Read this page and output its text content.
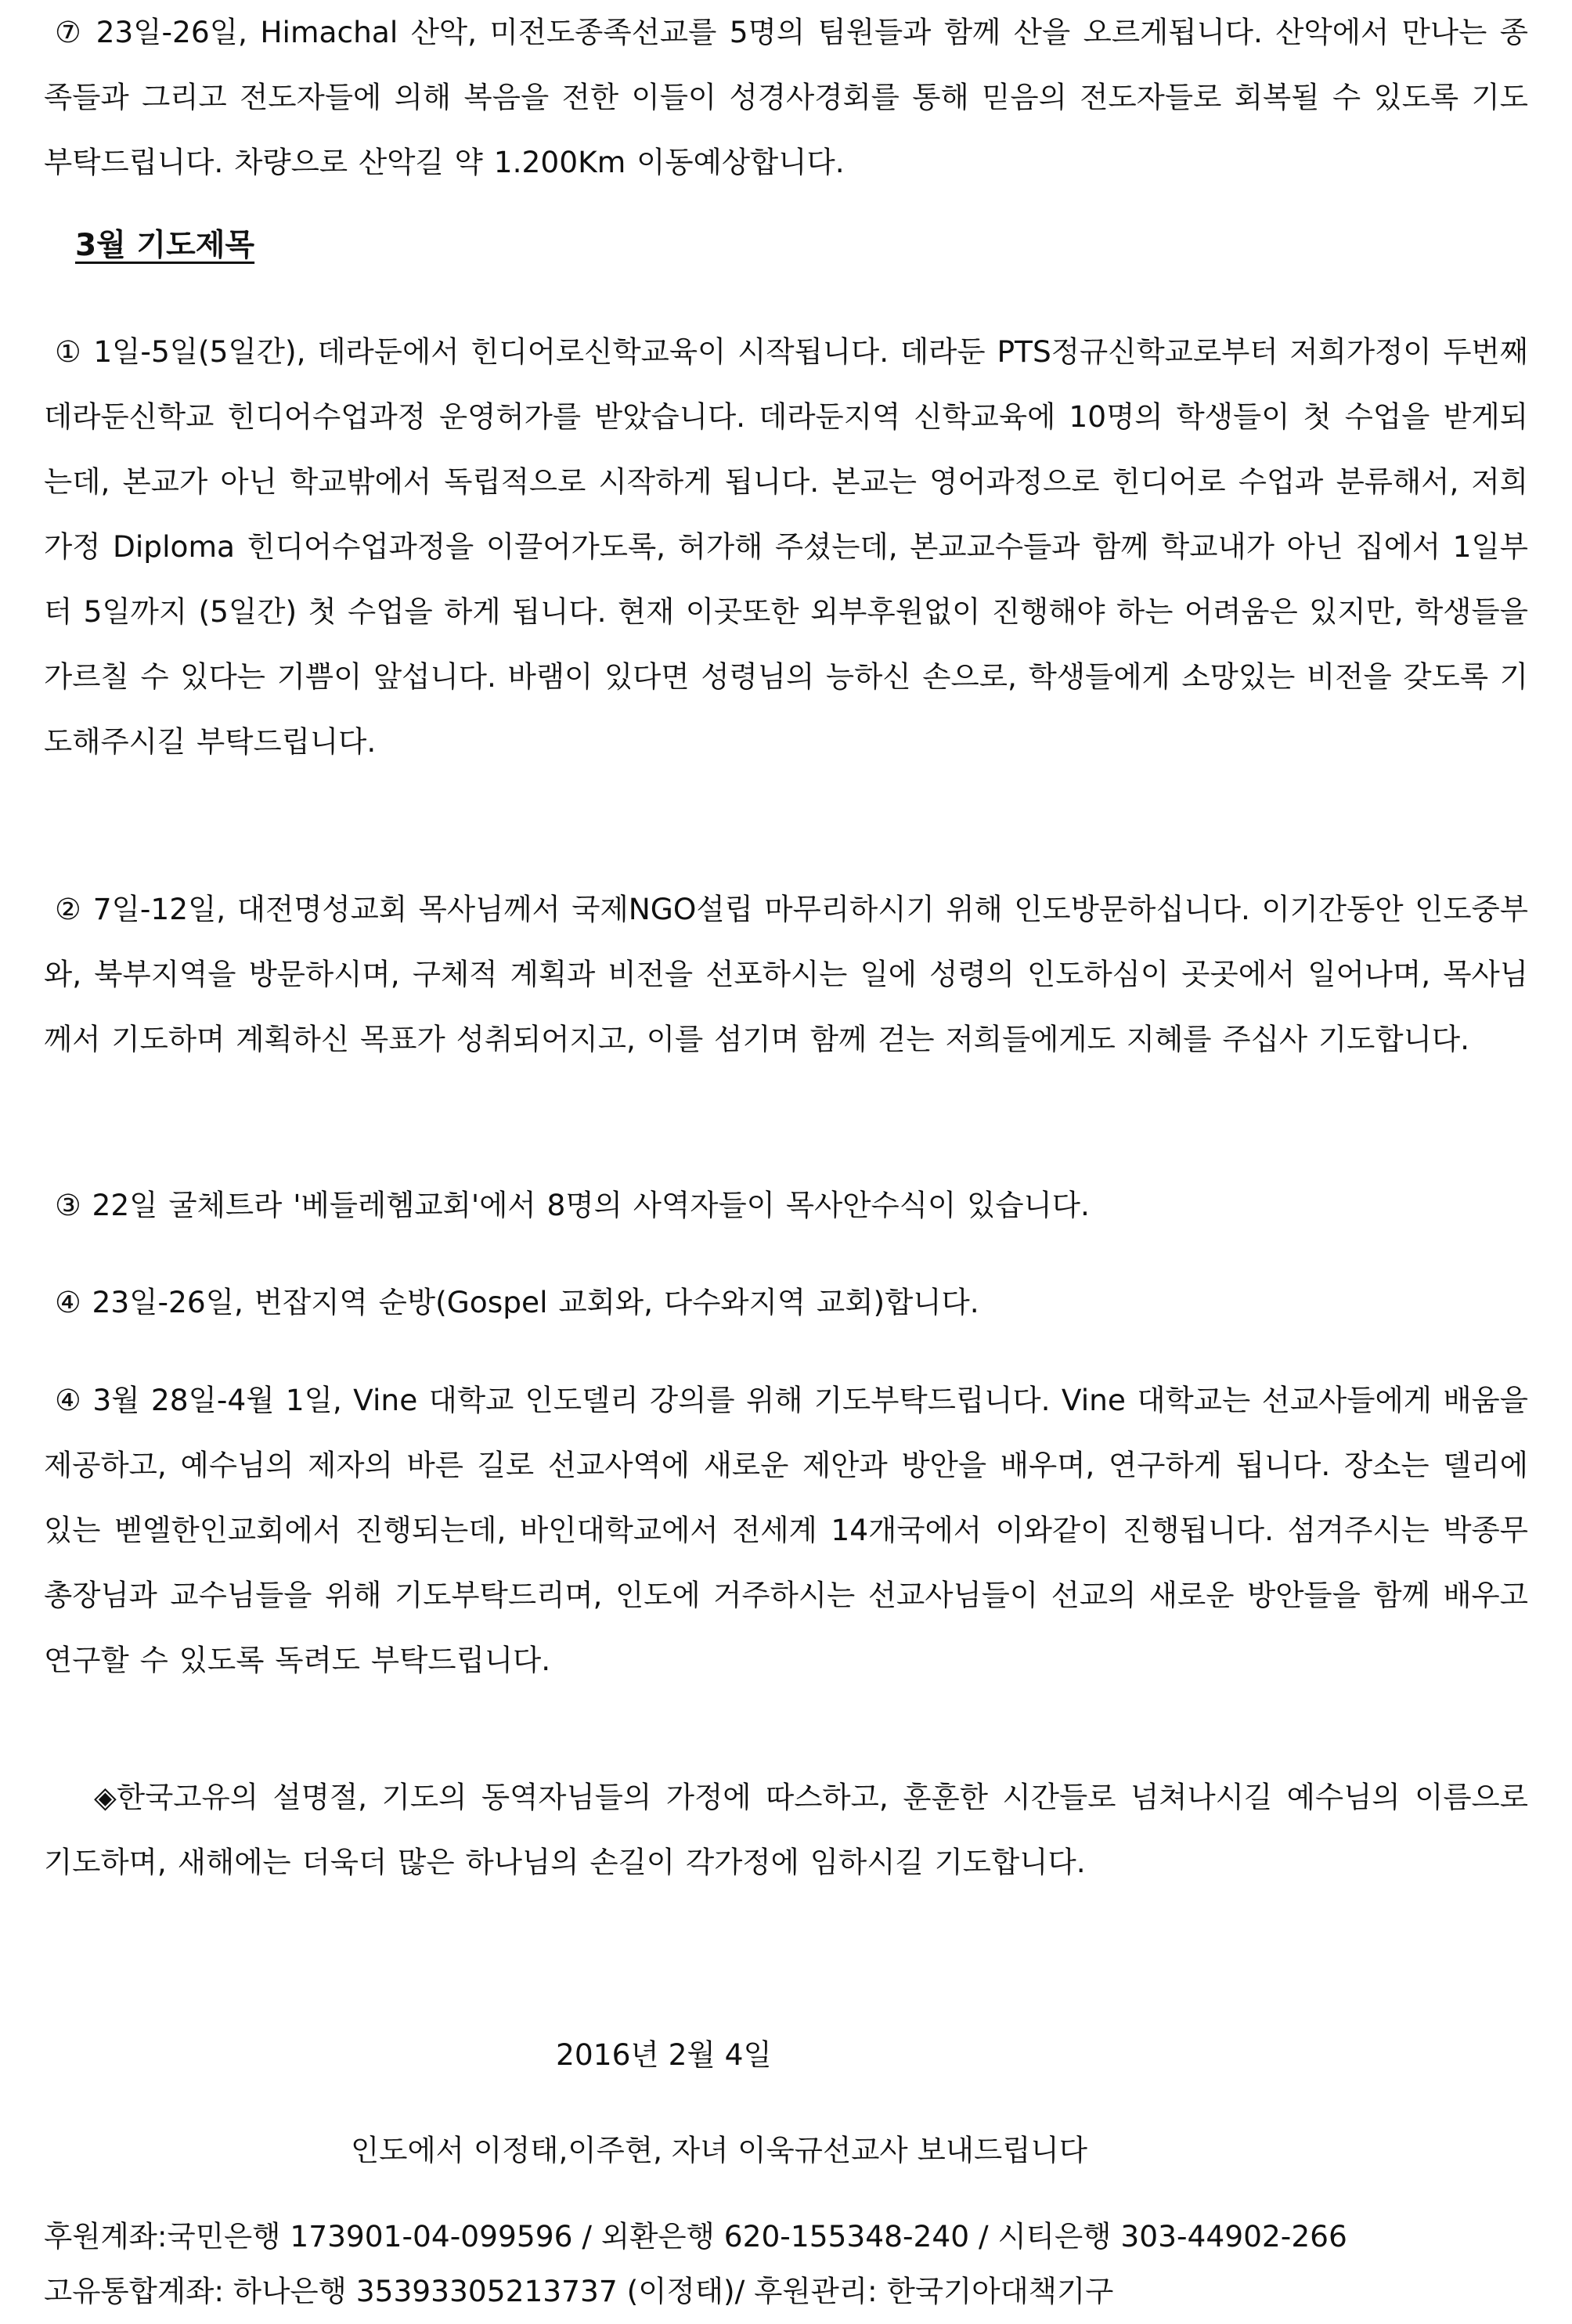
⑦ 23일-26일, Himachal 산악, 미전도종족선교를 5명의 팀원들과 함께 산을 오르게됩니다. 산악에서 만나는 종족들과 그리고 전도자들에 의해 복음을 전한 이들이 성경사경회를 통해 믿음의 전도자들로 회복될 수 있도록 기도부탁드립니다. 차량으로 산악길 약 1.200Km 이동예상합니다.

3월 기도제목

① 1일-5일(5일간), 데라둔에서 힌디어로신학교육이 시작됩니다. 데라둔 PTS정규신학교로부터 저희가정이 두번째 데라둔신학교 힌디어수업과정 운영허가를 받았습니다. 데라둔지역 신학교육에 10명의 학생들이 첫 수업을 받게되는데, 본교가 아닌 학교밖에서 독립적으로 시작하게 됩니다. 본교는 영어과정으로 힌디어로 수업과 분류해서, 저희가정 Diploma 힌디어수업과정을 이끌어가도록, 허가해 주셨는데, 본교교수들과 함께 학교내가 아닌 집에서 1일부터 5일까지 (5일간) 첫 수업을 하게 됩니다. 현재 이곳또한 외부후원없이 진행해야 하는 어려움은 있지만, 학생들을 가르칠 수 있다는 기쁨이 앞섭니다. 바램이 있다면 성령님의 능하신 손으로, 학생들에게 소망있는 비전을 갖도록 기도해주시길 부탁드립니다.

② 7일-12일, 대전명성교회 목사님께서 국제NGO설립 마무리하시기 위해 인도방문하십니다. 이기간동안 인도중부와, 북부지역을 방문하시며, 구체적 계획과 비전을 선포하시는 일에 성령의 인도하심이 곳곳에서 일어나며, 목사님께서 기도하며 계획하신 목표가 성취되어지고, 이를 섬기며 함께 걷는 저희들에게도 지혜를 주십사 기도합니다.

③ 22일 굴체트라 '베들레헴교회'에서 8명의 사역자들이 목사안수식이 있습니다.

④ 23일-26일, 번잡지역 순방(Gospel 교회와, 다수와지역 교회)합니다.

④ 3월 28일-4월 1일, Vine 대학교 인도델리 강의를 위해 기도부탁드립니다. Vine 대학교는 선교사들에게 배움을 제공하고, 예수님의 제자의 바른 길로 선교사역에 새로운 제안과 방안을 배우며, 연구하게 됩니다. 장소는 델리에 있는 벧엘한인교회에서 진행되는데, 바인대학교에서 전세계 14개국에서 이와같이 진행됩니다. 섬겨주시는 박종무총장님과 교수님들을 위해 기도부탁드리며, 인도에 거주하시는 선교사님들이 선교의 새로운 방안들을 함께 배우고 연구할 수 있도록 독려도 부탁드립니다.

◈한국고유의 설명절, 기도의 동역자님들의 가정에 따스하고, 훈훈한 시간들로 넘쳐나시길 예수님의 이름으로 기도하며, 새해에는 더욱더 많은 하나님의 손길이 각가정에 임하시길 기도합니다.

2016년 2월 4일

인도에서 이정태,이주현, 자녀 이욱규선교사 보내드립니다

후원계좌:국민은행 173901-04-099596 / 외환은행 620-155348-240 / 시티은행 303-44902-266

고유통합계좌: 하나은행 35393305213737 (이정태)/ 후원관리: 한국기아대책기구
